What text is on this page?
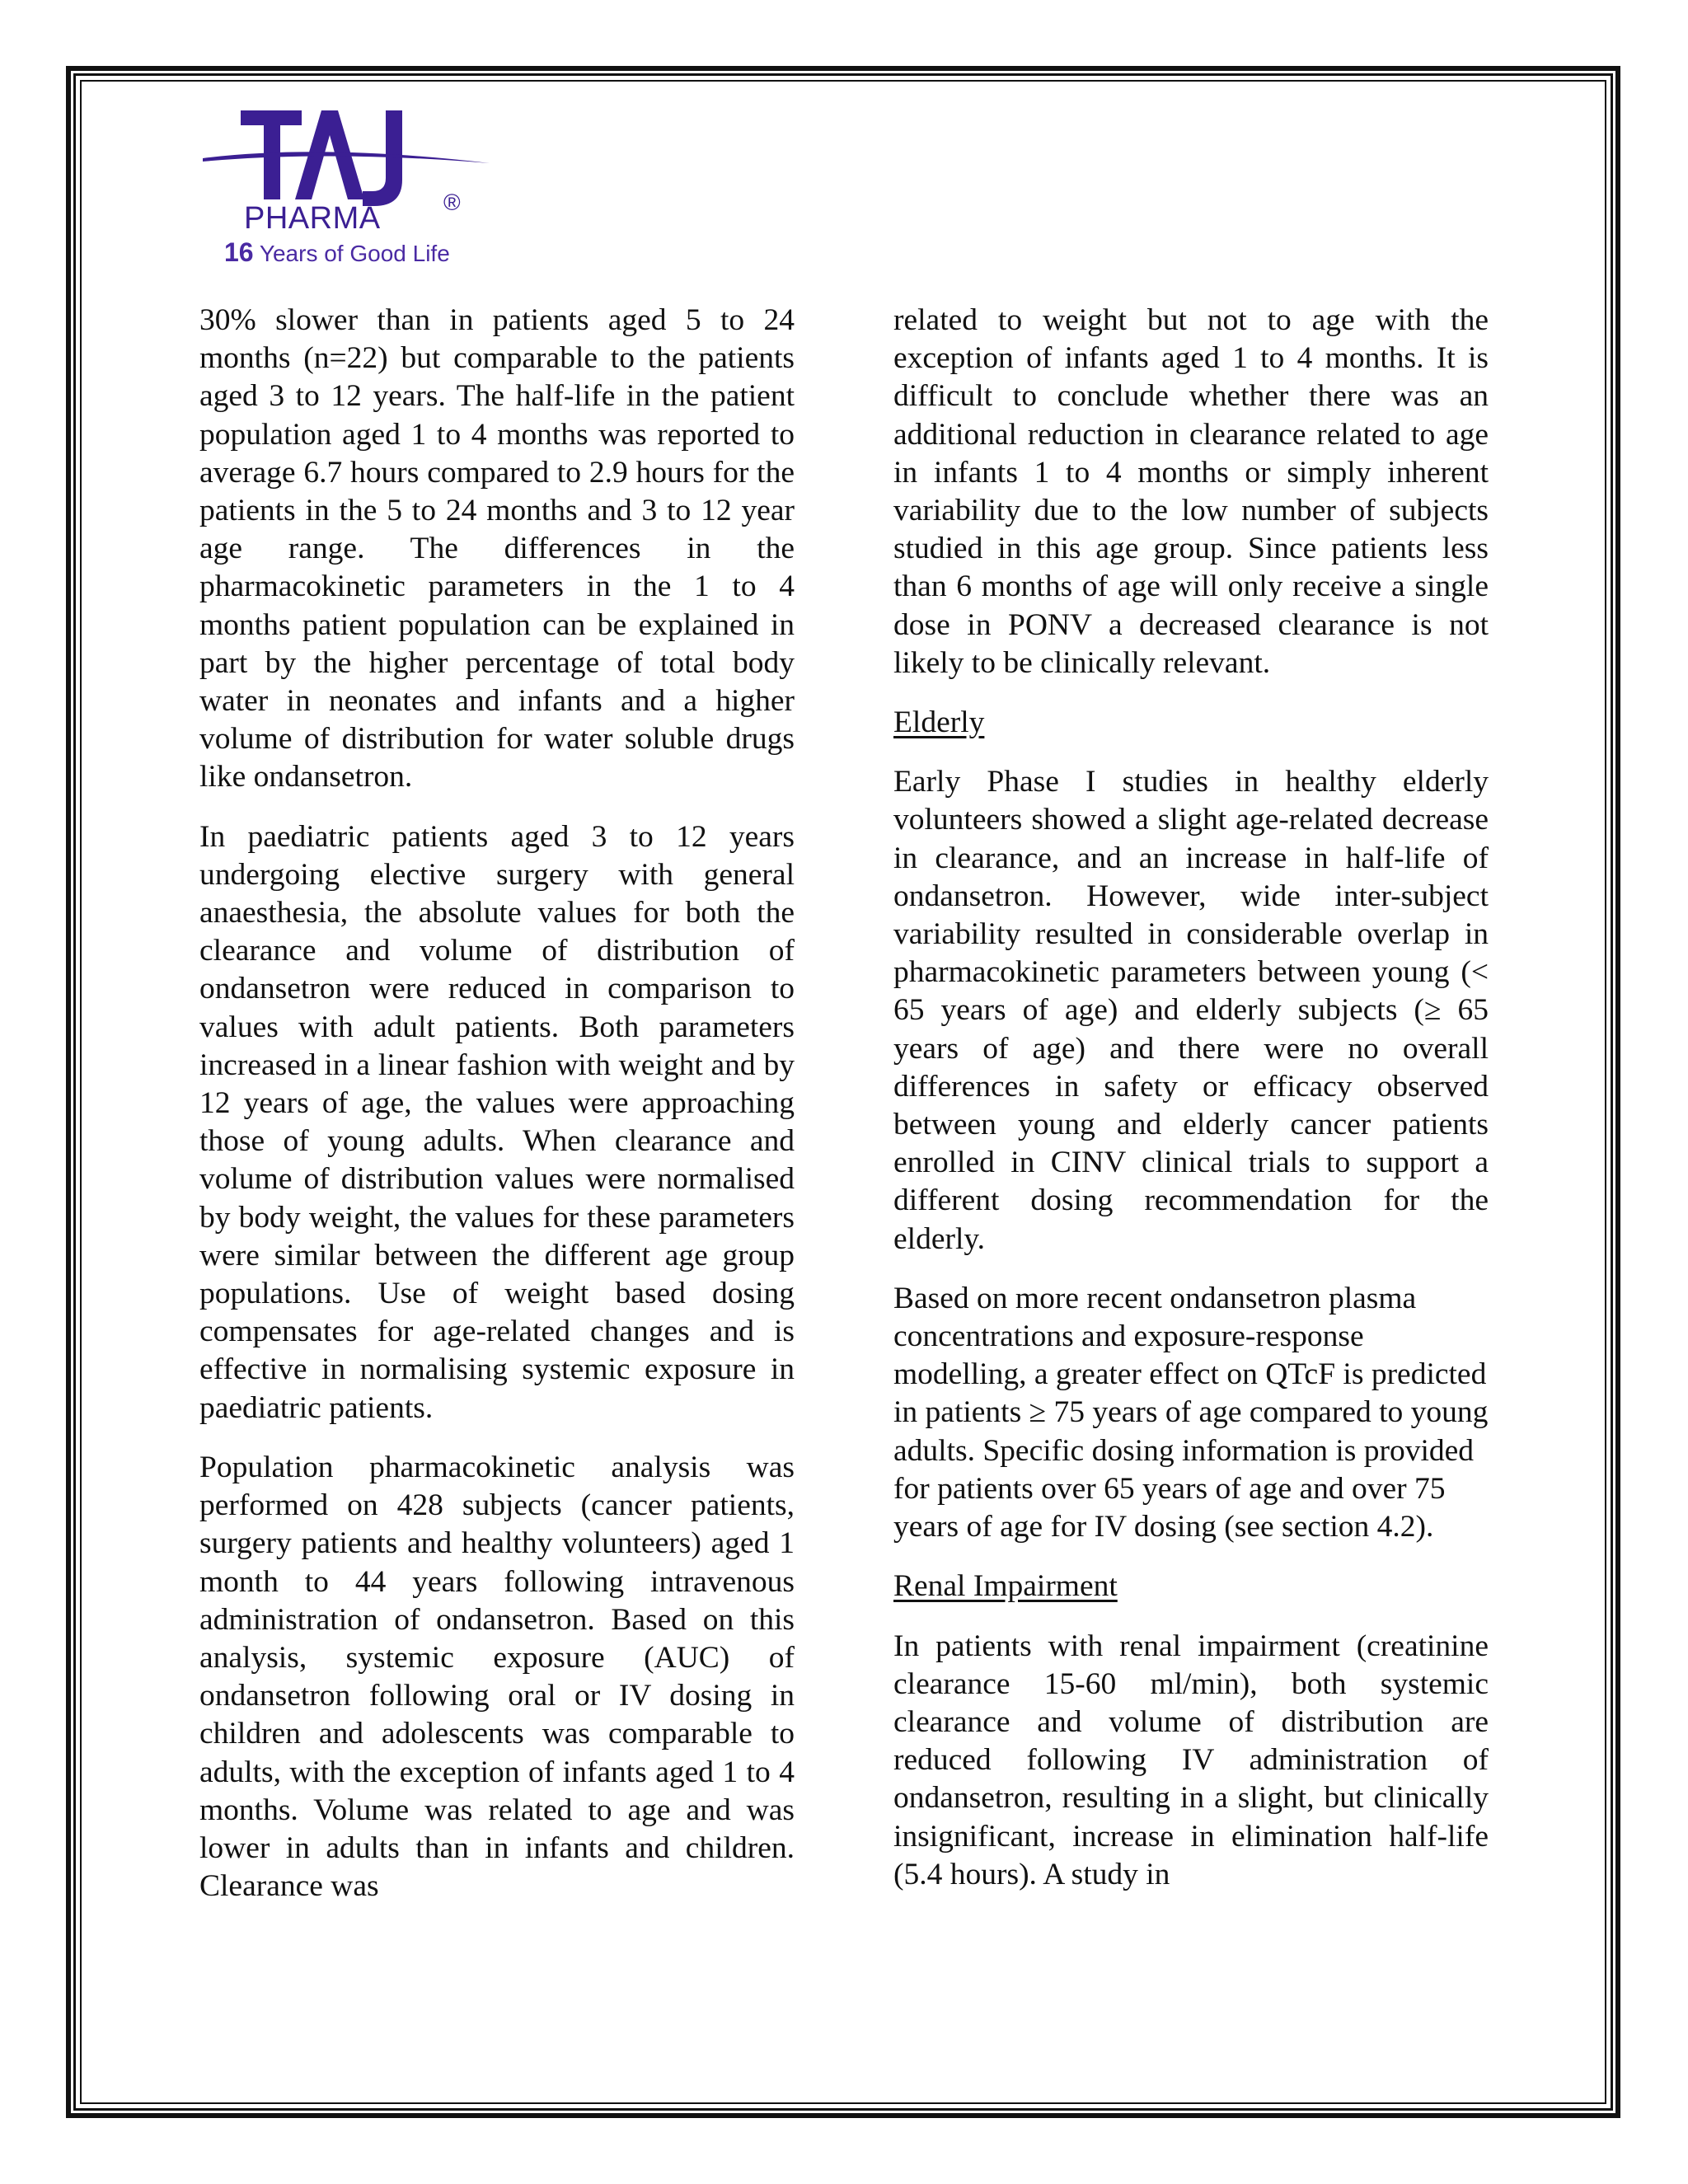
PHARMA	®
16 Years of Good Life

30% slower than in patients aged 5 to 24 months (n=22) but comparable to the patients aged 3 to 12 years. The half-life in the patient population aged 1 to 4 months was reported to average 6.7 hours compared to 2.9 hours for the patients in the 5 to 24 months and 3 to 12 year age range. The differences in the pharmacokinetic parameters in the 1 to 4 months patient population can be explained in part by the higher percentage of total body water in neonates and infants and a higher volume of distribution for water soluble drugs like ondansetron.

In paediatric patients aged 3 to 12 years undergoing elective surgery with general anaesthesia, the absolute values for both the clearance and volume of distribution of ondansetron were reduced in comparison to values with adult patients. Both parameters increased in a linear fashion with weight and by 12 years of age, the values were approaching those of young adults. When clearance and volume of distribution values were normalised by body weight, the values for these parameters were similar between the different age group populations. Use of weight based dosing compensates for age-related changes and is effective in normalising systemic exposure in paediatric patients.

Population pharmacokinetic analysis was performed on 428 subjects (cancer patients, surgery patients and healthy volunteers) aged 1 month to 44 years following intravenous administration of ondansetron. Based on this analysis, systemic exposure (AUC) of ondansetron following oral or IV dosing in children and adolescents was comparable to adults, with the exception of infants aged 1 to 4 months. Volume was related to age and was lower in adults than in infants and children. Clearance was

related to weight but not to age with the exception of infants aged 1 to 4 months. It is difficult to conclude whether there was an additional reduction in clearance related to age in infants 1 to 4 months or simply inherent variability due to the low number of subjects studied in this age group. Since patients less than 6 months of age will only receive a single dose in PONV a decreased clearance is not likely to be clinically relevant.

Elderly

Early Phase I studies in healthy elderly volunteers showed a slight age-related decrease in clearance, and an increase in half-life of ondansetron. However, wide inter-subject variability resulted in considerable overlap in pharmacokinetic parameters between young (< 65 years of age) and elderly subjects (≥ 65 years of age) and there were no overall differences in safety or efficacy observed between young and elderly cancer patients enrolled in CINV clinical trials to support a different dosing recommendation for the elderly.

Based on more recent ondansetron plasma concentrations and exposure-response modelling, a greater effect on QTcF is predicted in patients ≥ 75 years of age compared to young adults. Specific dosing information is provided for patients over 65 years of age and over 75 years of age for IV dosing (see section 4.2).

Renal Impairment

In patients with renal impairment (creatinine clearance 15-60 ml/min), both systemic clearance and volume of distribution are reduced following IV administration of ondansetron, resulting in a slight, but clinically insignificant, increase in elimination half-life (5.4 hours). A study in
